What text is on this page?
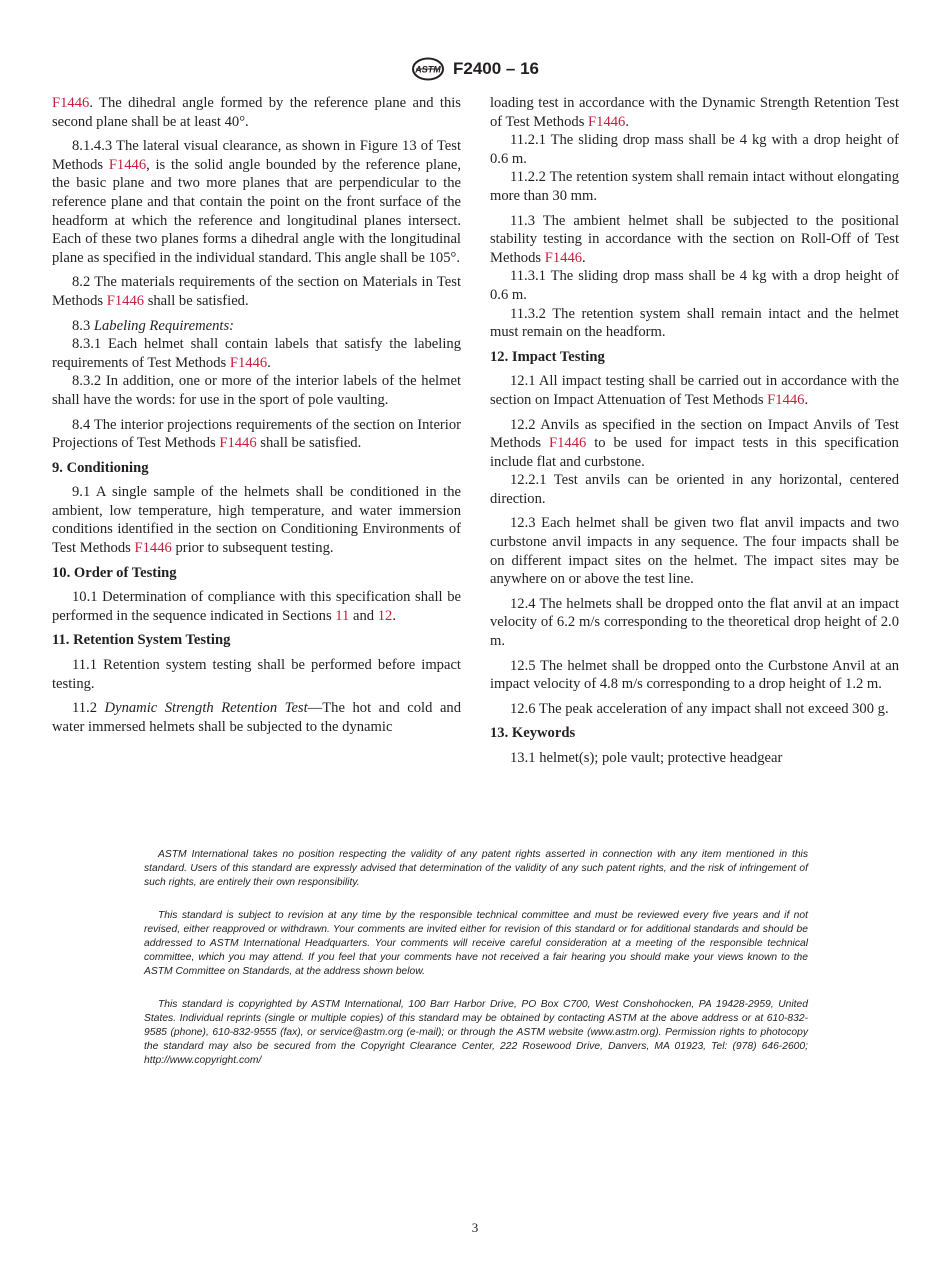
ASTM F2400 – 16

F1446. The dihedral angle formed by the reference plane and this second plane shall be at least 40°.

8.1.4.3 The lateral visual clearance, as shown in Figure 13 of Test Methods F1446, is the solid angle bounded by the reference plane, the basic plane and two more planes that are perpendicular to the reference plane and that contain the point on the front surface of the headform at which the reference and longitudinal planes intersect. Each of these two planes forms a dihedral angle with the longitudinal plane as specified in the individual standard. This angle shall be 105°.

8.2 The materials requirements of the section on Materials in Test Methods F1446 shall be satisfied.

8.3 Labeling Requirements:

8.3.1 Each helmet shall contain labels that satisfy the labeling requirements of Test Methods F1446.

8.3.2 In addition, one or more of the interior labels of the helmet shall have the words: for use in the sport of pole vaulting.

8.4 The interior projections requirements of the section on Interior Projections of Test Methods F1446 shall be satisfied.

9. Conditioning

9.1 A single sample of the helmets shall be conditioned in the ambient, low temperature, high temperature, and water immersion conditions identified in the section on Conditioning Environments of Test Methods F1446 prior to subsequent testing.

10. Order of Testing

10.1 Determination of compliance with this specification shall be performed in the sequence indicated in Sections 11 and 12.

11. Retention System Testing

11.1 Retention system testing shall be performed before impact testing.

11.2 Dynamic Strength Retention Test—The hot and cold and water immersed helmets shall be subjected to the dynamic

loading test in accordance with the Dynamic Strength Retention Test of Test Methods F1446.

11.2.1 The sliding drop mass shall be 4 kg with a drop height of 0.6 m.

11.2.2 The retention system shall remain intact without elongating more than 30 mm.

11.3 The ambient helmet shall be subjected to the positional stability testing in accordance with the section on Roll-Off of Test Methods F1446.

11.3.1 The sliding drop mass shall be 4 kg with a drop height of 0.6 m.

11.3.2 The retention system shall remain intact and the helmet must remain on the headform.

12. Impact Testing

12.1 All impact testing shall be carried out in accordance with the section on Impact Attenuation of Test Methods F1446.

12.2 Anvils as specified in the section on Impact Anvils of Test Methods F1446 to be used for impact tests in this specification include flat and curbstone.

12.2.1 Test anvils can be oriented in any horizontal, centered direction.

12.3 Each helmet shall be given two flat anvil impacts and two curbstone anvil impacts in any sequence. The four impacts shall be on different impact sites on the helmet. The impact sites may be anywhere on or above the test line.

12.4 The helmets shall be dropped onto the flat anvil at an impact velocity of 6.2 m/s corresponding to the theoretical drop height of 2.0 m.

12.5 The helmet shall be dropped onto the Curbstone Anvil at an impact velocity of 4.8 m/s corresponding to a drop height of 1.2 m.

12.6 The peak acceleration of any impact shall not exceed 300 g.

13. Keywords

13.1 helmet(s); pole vault; protective headgear

ASTM International takes no position respecting the validity of any patent rights asserted in connection with any item mentioned in this standard. Users of this standard are expressly advised that determination of the validity of any such patent rights, and the risk of infringement of such rights, are entirely their own responsibility.

This standard is subject to revision at any time by the responsible technical committee and must be reviewed every five years and if not revised, either reapproved or withdrawn. Your comments are invited either for revision of this standard or for additional standards and should be addressed to ASTM International Headquarters. Your comments will receive careful consideration at a meeting of the responsible technical committee, which you may attend. If you feel that your comments have not received a fair hearing you should make your views known to the ASTM Committee on Standards, at the address shown below.

This standard is copyrighted by ASTM International, 100 Barr Harbor Drive, PO Box C700, West Conshohocken, PA 19428-2959, United States. Individual reprints (single or multiple copies) of this standard may be obtained by contacting ASTM at the above address or at 610-832-9585 (phone), 610-832-9555 (fax), or service@astm.org (e-mail); or through the ASTM website (www.astm.org). Permission rights to photocopy the standard may also be secured from the Copyright Clearance Center, 222 Rosewood Drive, Danvers, MA 01923, Tel: (978) 646-2600; http://www.copyright.com/

3
